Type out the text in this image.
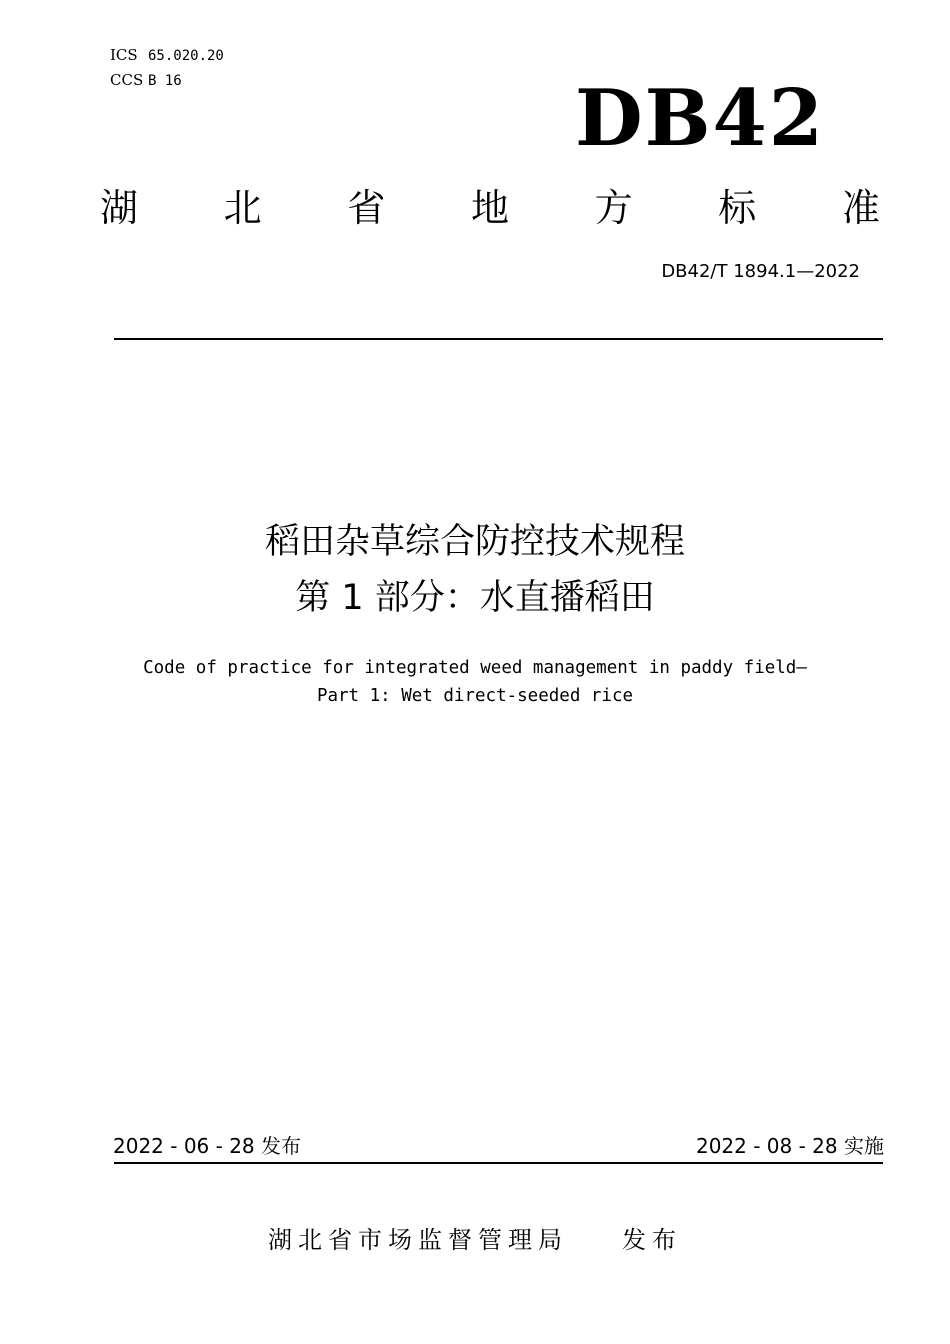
ICS 65.020.20
CCS B 16	DB42
湖 北 省 地 方 标 准
DB42/T 1894.1—2022
稻田杂草综合防控技术规程
第 1 部分：水直播稻田
Code of practice for integrated weed management in paddy field—
Part 1: Wet direct-seeded rice
2022 - 06 - 28 发布	2022 - 08 - 28 实施
湖北省市场监督管理局 发布
